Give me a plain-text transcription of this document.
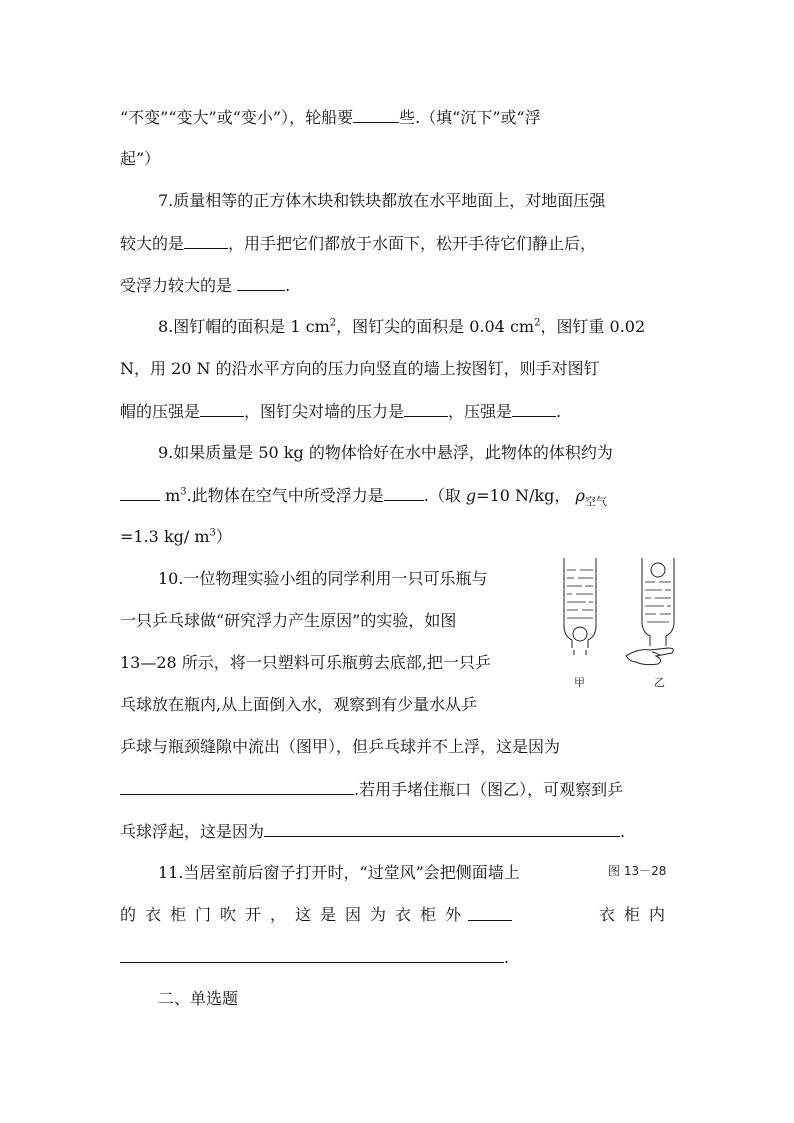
“不变”“变大”或“变小”），轮船要	些.（填“沉下”或“浮
起”）
7.质量相等的正方体木块和铁块都放在水平地面上，对地面压强
较大的是	，用手把它们都放于水面下，松开手待它们静止后，
受浮力较大的是	.
8.图钉帽的面积是 1 $cm^2$，图钉尖的面积是 0.04 $cm^2$，图钉重 0.02
N，用 20 N 的沿水平方向的压力向竖直的墙上按图钉，则手对图钉
帽的压强是	，图钉尖对墙的压力是	，压强是	.
9.如果质量是 50 kg 的物体恰好在水中悬浮，此物体的体积约为
$m^3$.此物体在空气中所受浮力是	.（取 g=10 N/kg， $\rho_{空气}$
=1.3 kg/ $m^3$）
10.一位物理实验小组的同学利用一只可乐瓶与
一只乒乓球做“研究浮力产生原因”的实验，如图
13—28 所示，将一只塑料可乐瓶剪去底部,把一只乒
乓球放在瓶内,从上面倒入水，观察到有少量水从乒
乒球与瓶颈缝隙中流出（图甲），但乒乓球并不上浮，这是因为
.若用手堵住瓶口（图乙），可观察到乒
乓球浮起，这是因为	.
甲	乙
图 13－28
11.当居室前后窗子打开时，“过堂风”会把侧面墙上
的衣柜门吹开，这是因为衣柜外	衣柜内
.
二、单选题
